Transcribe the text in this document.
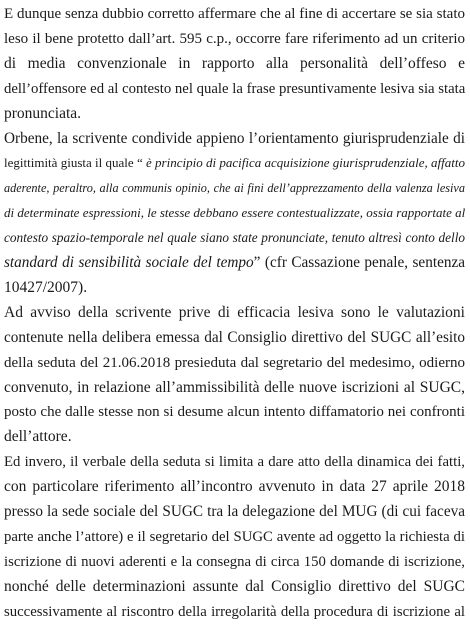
E dunque senza dubbio corretto affermare che al fine di accertare se sia stato
leso il bene protetto dall’art. 595 c.p., occorre fare riferimento ad un criterio
di media convenzionale in rapporto alla personalità dell’offeso e
dell’offensore ed al contesto nel quale la frase presuntivamente lesiva sia stata
pronunciata.
Orbene, la scrivente condivide appieno l’orientamento giurisprudenziale di
legittimità giusta il quale “ è principio di pacifica acquisizione giurisprudenziale, affatto
aderente, peraltro, alla communis opinio, che ai fini dell’apprezzamento della valenza lesiva
di determinate espressioni, le stesse debbano essere contestualizzate, ossia rapportate al
contesto spazio-temporale nel quale siano state pronunciate, tenuto altresì conto dello
standard di sensibilità sociale del tempo” (cfr Cassazione penale, sentenza
10427/2007).
Ad avviso della scrivente prive di efficacia lesiva sono le valutazioni
contenute nella delibera emessa dal Consiglio direttivo del SUGC all’esito
della seduta del 21.06.2018 presieduta dal segretario del medesimo, odierno
convenuto, in relazione all’ammissibilità delle nuove iscrizioni al SUGC,
posto che dalle stesse non si desume alcun intento diffamatorio nei confronti
dell’attore.
Ed invero, il verbale della seduta si limita a dare atto della dinamica dei fatti,
con particolare riferimento all’incontro avvenuto in data 27 aprile 2018
presso la sede sociale del SUGC tra la delegazione del MUG (di cui faceva
parte anche l’attore) e il segretario del SUGC avente ad oggetto la richiesta di
iscrizione di nuovi aderenti e la consegna di circa 150 domande di iscrizione,
nonché delle determinazioni assunte dal Consiglio direttivo del SUGC
successivamente al riscontro della irregolarità della procedura di iscrizione al
